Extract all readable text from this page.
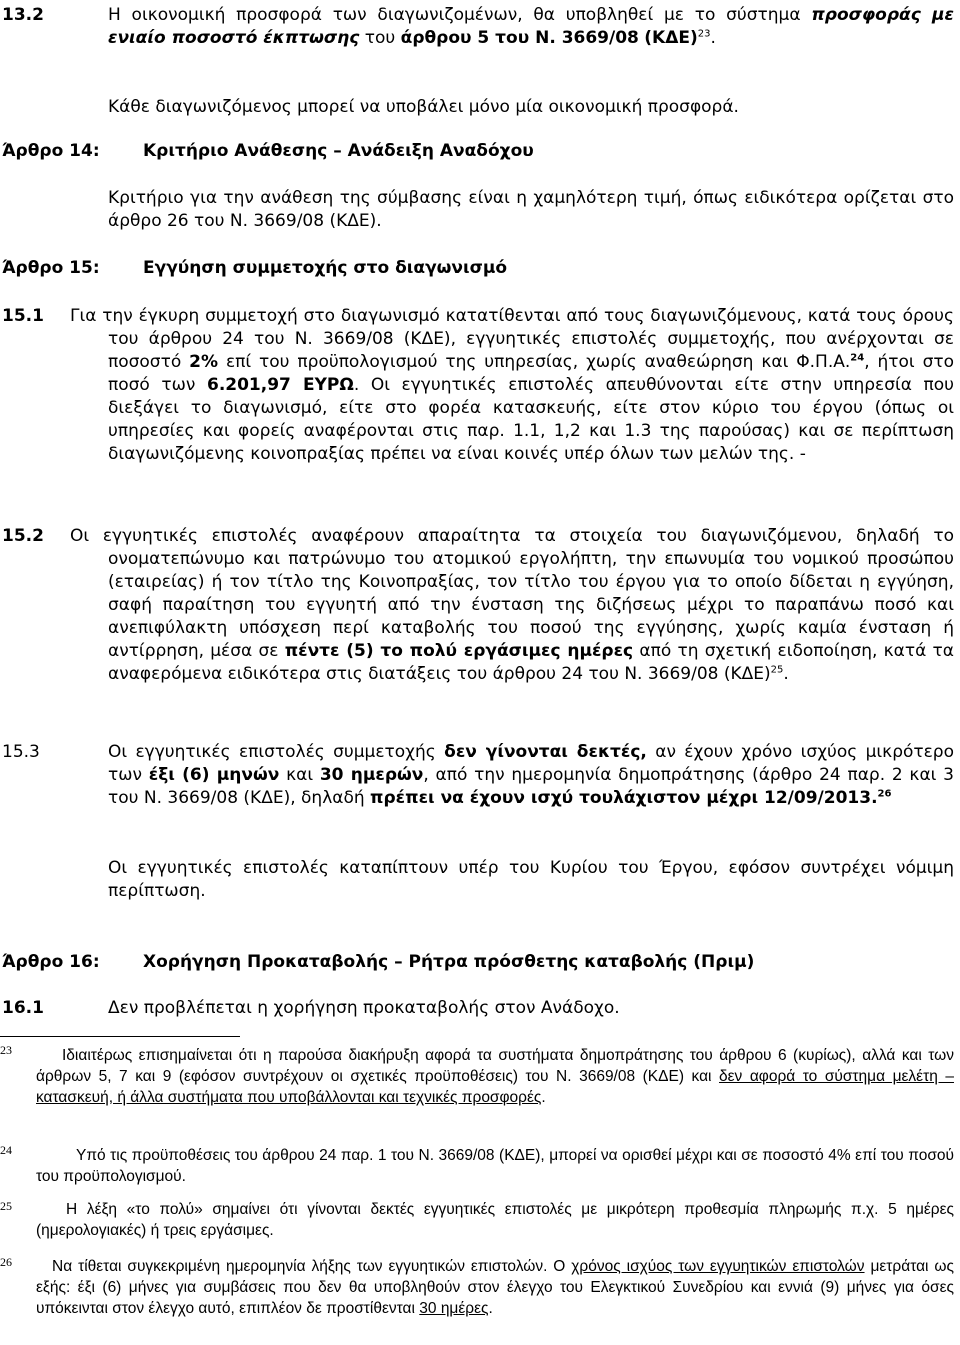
13.2	Η οικονομική προσφορά των διαγωνιζομένων, θα υποβληθεί με το σύστημα προσφοράς με ενιαίο ποσοστό έκπτωσης του άρθρου 5 του Ν. 3669/08 $(K\Delta E)^{23}$.
Κάθε διαγωνιζόμενος μπορεί να υποβάλει μόνο μία οικονομική προσφορά.
Άρθρο 14:	Κριτήριο Ανάθεσης – Ανάδειξη Αναδόχου
Κριτήριο για την ανάθεση της σύμβασης είναι η χαμηλότερη τιμή, όπως ειδικότερα ορίζεται στο άρθρο 26 του Ν. 3669/08 (ΚΔΕ).
Άρθρο 15:	Εγγύηση συμμετοχής στο διαγωνισμό
15.1 Για την έγκυρη συμμετοχή στο διαγωνισμό κατατίθενται από τους διαγωνιζόμενους, κατά τους όρους του άρθρου 24 του Ν. 3669/08 (ΚΔΕ), εγγυητικές επιστολές συμμετοχής, που ανέρχονται σε ποσοστό 2% επί του προϋπολογισμού της υπηρεσίας, χωρίς αναθεώρηση και Φ.Π.Α.$^{24}$, ήτοι στο ποσό των 6.201,97 ΕΥΡΩ. Οι εγγυητικές επιστολές απευθύνονται είτε στην υπηρεσία που διεξάγει το διαγωνισμό, είτε στο φορέα κατασκευής, είτε στον κύριο του έργου (όπως οι υπηρεσίες και φορείς αναφέρονται στις παρ. 1.1, 1,2 και 1.3 της παρούσας) και σε περίπτωση διαγωνιζόμενης κοινοπραξίας πρέπει να είναι κοινές υπέρ όλων των μελών της. -
15.2 Οι εγγυητικές επιστολές αναφέρουν απαραίτητα τα στοιχεία του διαγωνιζόμενου, δηλαδή το ονοματεπώνυμο και πατρώνυμο του ατομικού εργολήπτη, την επωνυμία του νομικού προσώπου (εταιρείας) ή τον τίτλο της Κοινοπραξίας, τον τίτλο του έργου για το οποίο δίδεται η εγγύηση, σαφή παραίτηση του εγγυητή από την ένσταση της διζήσεως μέχρι το παραπάνω ποσό και ανεπιφύλακτη υπόσχεση περί καταβολής του ποσού της εγγύησης, χωρίς καμία ένσταση ή αντίρρηση, μέσα σε πέντε (5) το πολύ εργάσιμες ημέρες από τη σχετική ειδοποίηση, κατά τα αναφερόμενα ειδικότερα στις διατάξεις του άρθρου 24 του Ν. 3669/08 $(K\Delta E)^{25}$.
15.3	Οι εγγυητικές επιστολές συμμετοχής δεν γίνονται δεκτές, αν έχουν χρόνο ισχύος μικρότερο των έξι (6) μηνών και 30 ημερών, από την ημερομηνία δημοπράτησης (άρθρο 24 παρ. 2 και 3 του Ν. 3669/08 (ΚΔΕ), δηλαδή πρέπει να έχουν ισχύ τουλάχιστον μέχρι 12/09/2013.26
Οι εγγυητικές επιστολές καταπίπτουν υπέρ του Κυρίου του Έργου, εφόσον συντρέχει νόμιμη περίπτωση.
Άρθρο 16:	Χορήγηση Προκαταβολής – Ρήτρα πρόσθετης καταβολής (Πριμ)
16.1	Δεν προβλέπεται η χορήγηση προκαταβολής στον Ανάδοχο.
23	Ιδιαιτέρως επισημαίνεται ότι η παρούσα διακήρυξη αφορά τα συστήματα δημοπράτησης του άρθρου 6 (κυρίως), αλλά και των άρθρων 5, 7 και 9 (εφόσον συντρέχουν οι σχετικές προϋποθέσεις) του Ν. 3669/08 (ΚΔΕ) και δεν αφορά το σύστημα μελέτη – κατασκευή, ή άλλα συστήματα που υποβάλλονται και τεχνικές προσφορές.
24	Υπό τις προϋποθέσεις του άρθρου 24 παρ. 1 του Ν. 3669/08 (ΚΔΕ), μπορεί να ορισθεί μέχρι και σε ποσοστό 4% επί του ποσού του προϋπολογισμού.
25	Η λέξη «το πολύ» σημαίνει ότι γίνονται δεκτές εγγυητικές επιστολές με μικρότερη προθεσμία πληρωμής π.χ. 5 ημέρες (ημερολογιακές) ή τρεις εργάσιμες.
26	Να τίθεται συγκεκριμένη ημερομηνία λήξης των εγγυητικών επιστολών. Ο χρόνος ισχύος των εγγυητικών επιστολών μετράται ως εξής: έξι (6) μήνες για συμβάσεις που δεν θα υποβληθούν στον έλεγχο του Ελεγκτικού Συνεδρίου και εννιά (9) μήνες για όσες υπόκεινται στον έλεγχο αυτό, επιπλέον δε προστίθενται 30 ημέρες.
